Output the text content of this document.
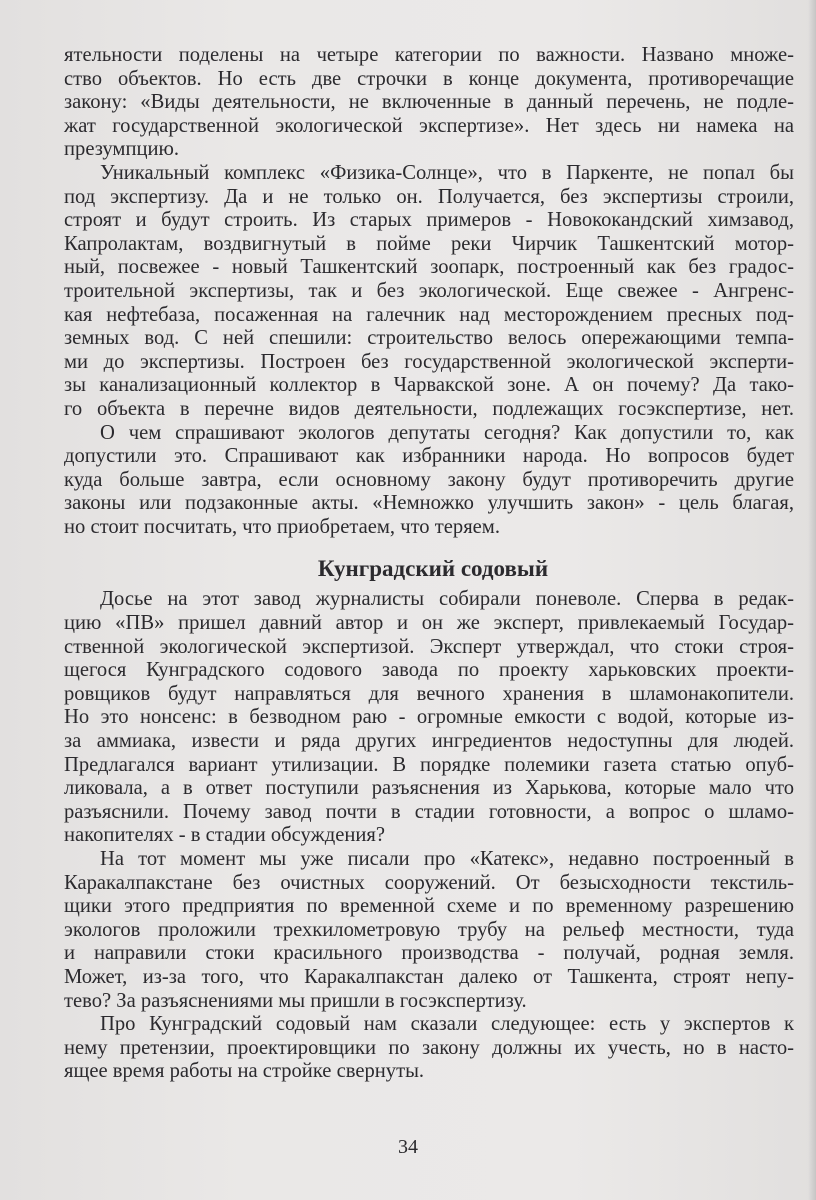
ятельности поделены на четыре категории по важности. Названо множе-
ство объектов. Но есть две строчки в конце документа, противоречащие
закону: «Виды деятельности, не включенные в данный перечень, не подле-
жат государственной экологической экспертизе». Нет здесь ни намека на
презумпцию.
Уникальный комплекс «Физика-Солнце», что в Паркенте, не попал бы
под экспертизу. Да и не только он. Получается, без экспертизы строили,
строят и будут строить. Из старых примеров - Новококандский химзавод,
Капролактам, воздвигнутый в пойме реки Чирчик Ташкентский мотор-
ный, посвежее - новый Ташкентский зоопарк, построенный как без градос-
троительной экспертизы, так и без экологической. Еще свежее - Ангренс-
кая нефтебаза, посаженная на галечник над месторождением пресных под-
земных вод. С ней спешили: строительство велось опережающими темпа-
ми до экспертизы. Построен без государственной экологической эксперти-
зы канализационный коллектор в Чарвакской зоне. А он почему? Да тако-
го объекта в перечне видов деятельности, подлежащих госэкспертизе, нет.
О чем спрашивают экологов депутаты сегодня? Как допустили то, как
допустили это. Спрашивают как избранники народа. Но вопросов будет
куда больше завтра, если основному закону будут противоречить другие
законы или подзаконные акты. «Немножко улучшить закон» - цель благая,
но стоит посчитать, что приобретаем, что теряем.
Кунградский содовый
Досье на этот завод журналисты собирали поневоле. Сперва в редак-
цию «ПВ» пришел давний автор и он же эксперт, привлекаемый Государ-
ственной экологической экспертизой. Эксперт утверждал, что стоки строя-
щегося Кунградского содового завода по проекту харьковских проекти-
ровщиков будут направляться для вечного хранения в шламонакопители.
Но это нонсенс: в безводном раю - огромные емкости с водой, которые из-
за аммиака, извести и ряда других ингредиентов недоступны для людей.
Предлагался вариант утилизации. В порядке полемики газета статью опуб-
ликовала, а в ответ поступили разъяснения из Харькова, которые мало что
разъяснили. Почему завод почти в стадии готовности, а вопрос о шламо-
накопителях - в стадии обсуждения?
На тот момент мы уже писали про «Катекс», недавно построенный в
Каракалпакстане без очистных сооружений. От безысходности текстиль-
щики этого предприятия по временной схеме и по временному разрешению
экологов проложили трехкилометровую трубу на рельеф местности, туда
и направили стоки красильного производства - получай, родная земля.
Может, из-за того, что Каракалпакстан далеко от Ташкента, строят непу-
тево? За разъяснениями мы пришли в госэкспертизу.
Про Кунградский содовый нам сказали следующее: есть у экспертов к
нему претензии, проектировщики по закону должны их учесть, но в насто-
ящее время работы на стройке свернуты.
34
